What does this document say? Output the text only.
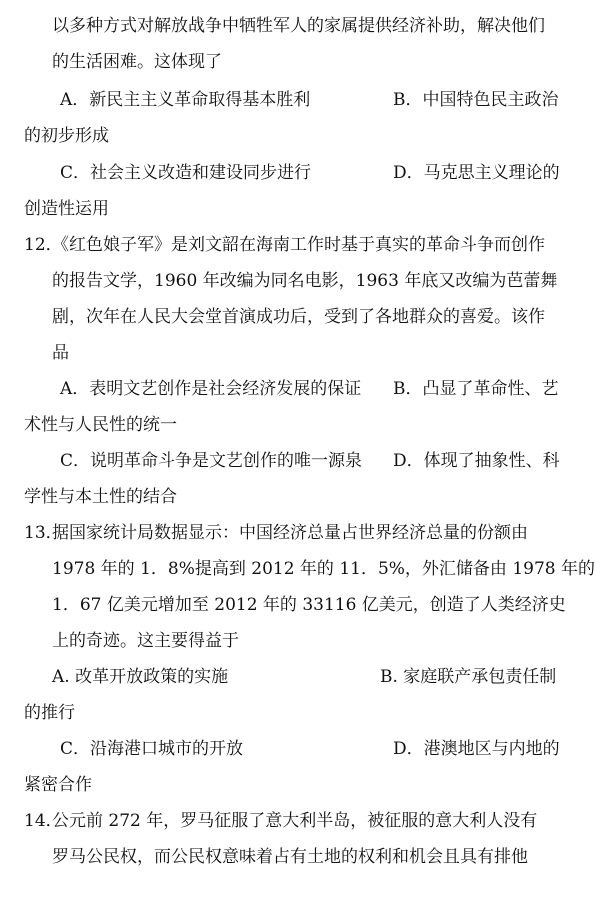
以多种方式对解放战争中牺牲军人的家属提供经济补助，解决他们
的生活困难。这体现了
A．新民主主义革命取得基本胜利	B．中国特色民主政治
的初步形成
C．社会主义改造和建设同步进行	D．马克思主义理论的
创造性运用
12．
《红色娘子军》是刘文韶在海南工作时基于真实的革命斗争而创作
的报告文学，1960 年改编为同名电影，1963 年底又改编为芭蕾舞
剧，次年在人民大会堂首演成功后，受到了各地群众的喜爱。该作
品
A．表明文艺创作是社会经济发展的保证 B．凸显了革命性、艺
术性与人民性的统一
C．说明革命斗争是文艺创作的唯一源泉 D．体现了抽象性、科
学性与本土性的结合
13．
据国家统计局数据显示：中国经济总量占世界经济总量的份额由
1978 年的 1．8%提高到 2012 年的 11．5%，外汇储备由 1978 年的
1．67 亿美元增加至 2012 年的 33116 亿美元，创造了人类经济史
上的奇迹。这主要得益于
A. 改革开放政策的实施	B. 家庭联产承包责任制
的推行
C．沿海港口城市的开放	D．港澳地区与内地的
紧密合作
14．
公元前 272 年，罗马征服了意大利半岛，被征服的意大利人没有
罗马公民权，而公民权意味着占有土地的权利和机会且具有排他
